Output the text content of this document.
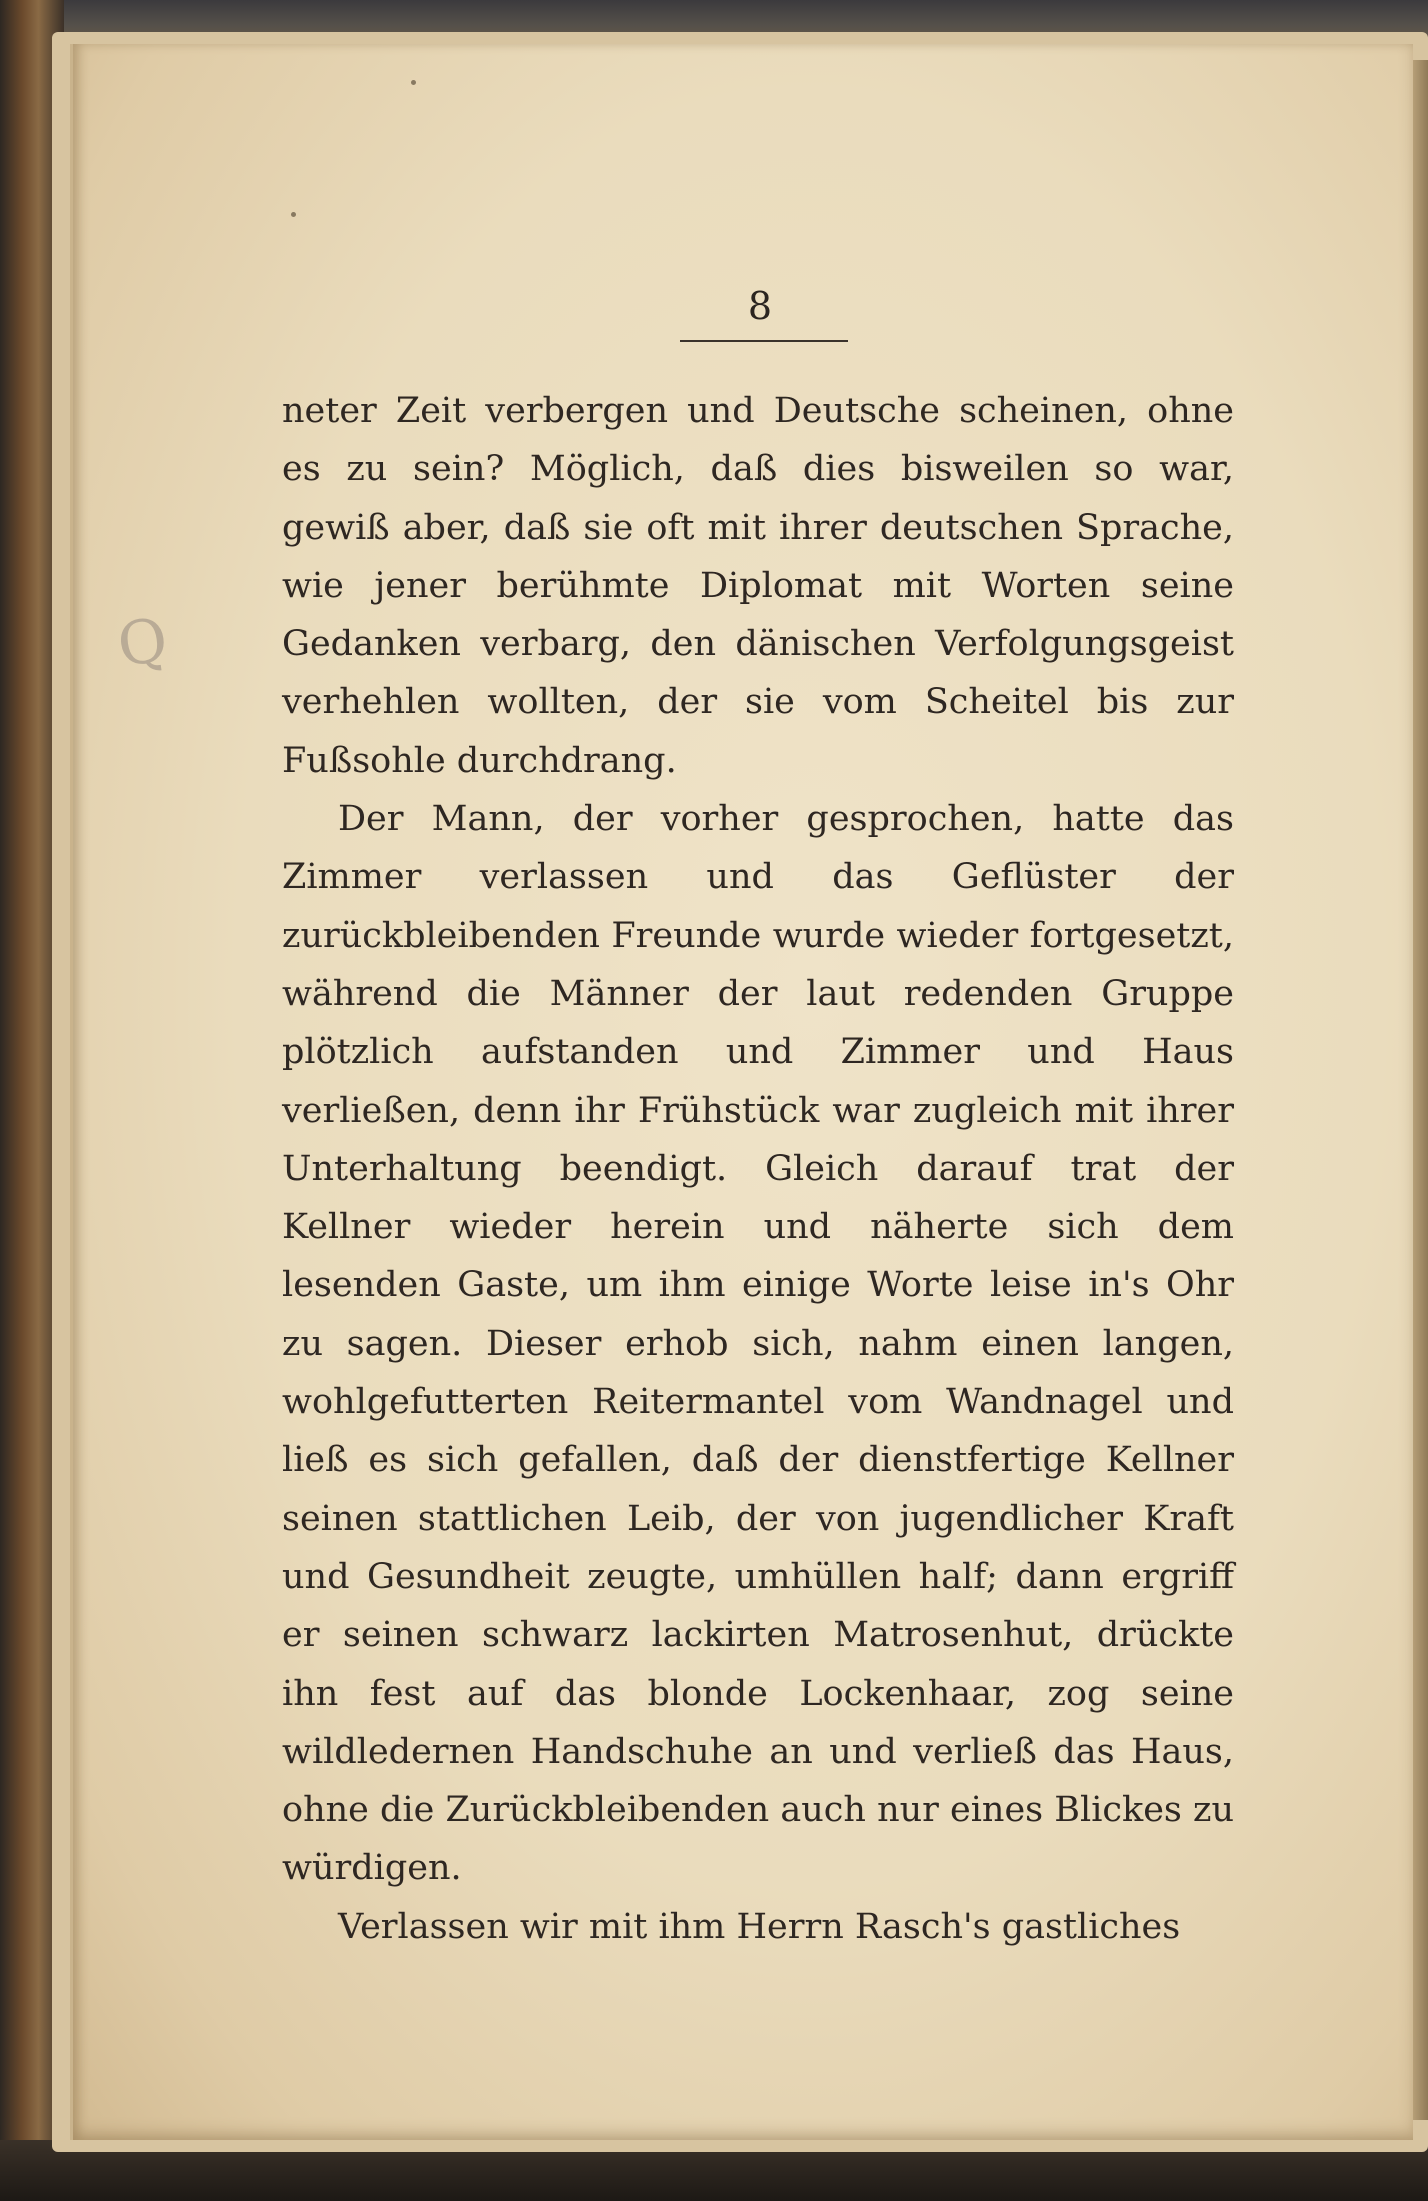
Q
8

neter Zeit verbergen und Deutsche scheinen, ohne es zu sein? Möglich, daß dies bisweilen so war, gewiß aber, daß sie oft mit ihrer deutschen Sprache, wie jener berühmte Diplomat mit Worten seine Gedanken verbarg, den dänischen Verfolgungsgeist verhehlen wollten, der sie vom Scheitel bis zur Fußsohle durchdrang.

Der Mann, der vorher gesprochen, hatte das Zimmer verlassen und das Geflüster der zurückbleibenden Freunde wurde wieder fortgesetzt, während die Männer der laut redenden Gruppe plötzlich aufstanden und Zimmer und Haus verließen, denn ihr Frühstück war zugleich mit ihrer Unterhaltung beendigt. Gleich darauf trat der Kellner wieder herein und näherte sich dem lesenden Gaste, um ihm einige Worte leise in's Ohr zu sagen. Dieser erhob sich, nahm einen langen, wohlgefutterten Reitermantel vom Wandnagel und ließ es sich gefallen, daß der dienstfertige Kellner seinen stattlichen Leib, der von jugendlicher Kraft und Gesundheit zeugte, umhüllen half; dann ergriff er seinen schwarz lackirten Matrosenhut, drückte ihn fest auf das blonde Lockenhaar, zog seine wildledernen Handschuhe an und verließ das Haus, ohne die Zurückbleibenden auch nur eines Blickes zu würdigen.

Verlassen wir mit ihm Herrn Rasch's gastliches
